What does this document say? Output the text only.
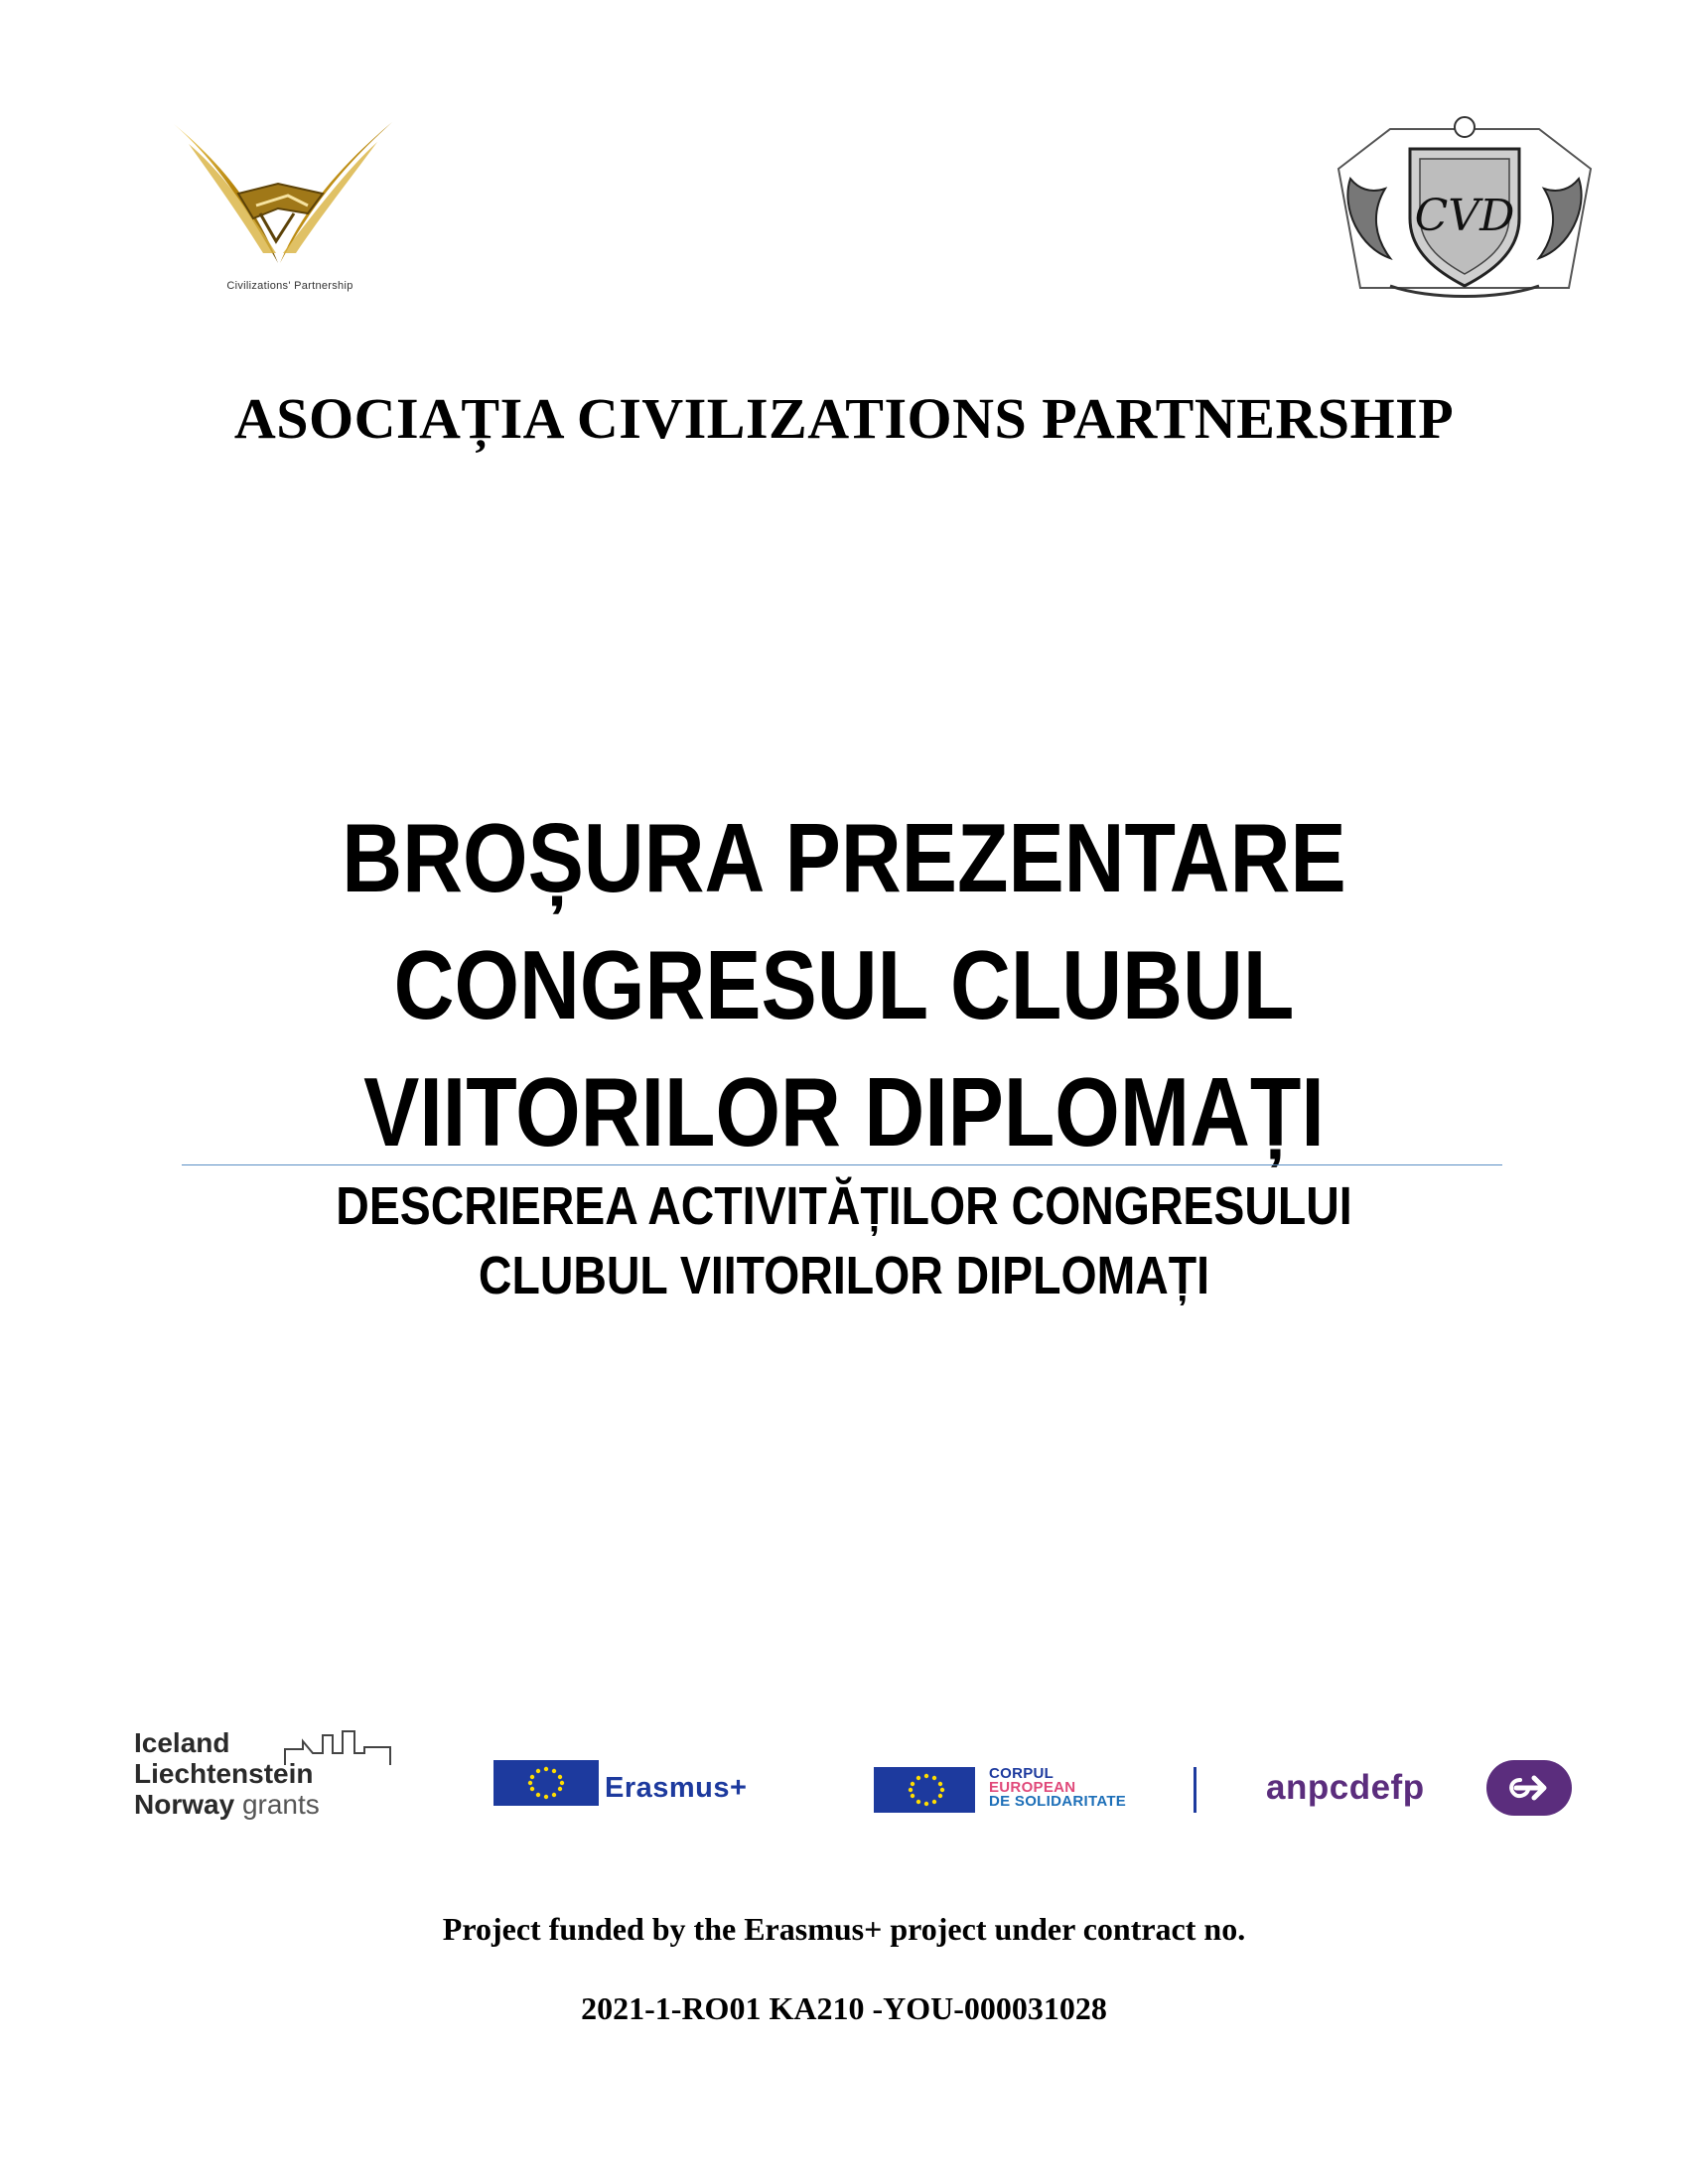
Civilizations' Partnership
CVD
ASOCIAȚIA CIVILIZATIONS PARTNERSHIP
BROȘURA PREZENTARE
CONGRESUL CLUBUL
VIITORILOR DIPLOMAȚI
DESCRIEREA ACTIVITĂȚILOR CONGRESULUI
CLUBUL VIITORILOR DIPLOMAȚI
Iceland
Liechtenstein
Norway grants
Erasmus+	CORPUL
EUROPEAN
DE SOLIDARITATE	anpcdefp
Project funded by the Erasmus+ project under contract no.
2021-1-RO01 KA210 -YOU-000031028
